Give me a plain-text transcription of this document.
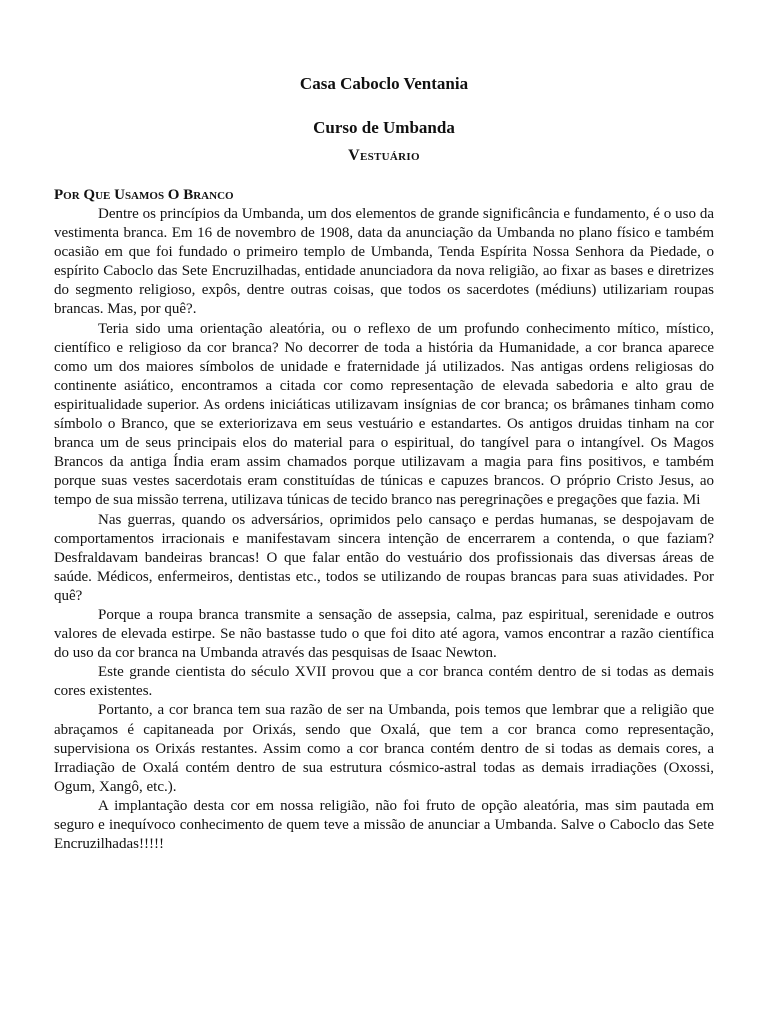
Casa Caboclo Ventania

Curso de Umbanda

Vestuário

Por Que Usamos O Branco

Dentre os princípios da Umbanda, um dos elementos de grande significância e fundamento, é o uso da vestimenta branca. Em 16 de novembro de 1908, data da anunciação da Umbanda no plano físico e também ocasião em que foi fundado o primeiro templo de Umbanda, Tenda Espírita Nossa Senhora da Piedade, o espírito Caboclo das Sete Encruzilhadas, entidade anunciadora da nova religião, ao fixar as bases e diretrizes do segmento religioso, expôs, dentre outras coisas, que todos os sacerdotes (médiuns) utilizariam roupas brancas. Mas, por quê?.

Teria sido uma orientação aleatória, ou o reflexo de um profundo conhecimento mítico, místico, científico e religioso da cor branca? No decorrer de toda a história da Humanidade, a cor branca aparece como um dos maiores símbolos de unidade e fraternidade já utilizados. Nas antigas ordens religiosas do continente asiático, encontramos a citada cor como representação de elevada sabedoria e alto grau de espiritualidade superior. As ordens iniciáticas utilizavam insígnias de cor branca; os brâmanes tinham como símbolo o Branco, que se exteriorizava em seus vestuário e estandartes. Os antigos druidas tinham na cor branca um de seus principais elos do material para o espiritual, do tangível para o intangível. Os Magos Brancos da antiga Índia eram assim chamados porque utilizavam a magia para fins positivos, e também porque suas vestes sacerdotais eram constituídas de túnicas e capuzes brancos. O próprio Cristo Jesus, ao tempo de sua missão terrena, utilizava túnicas de tecido branco nas peregrinações e pregações que fazia. Mi

Nas guerras, quando os adversários, oprimidos pelo cansaço e perdas humanas, se despojavam de comportamentos irracionais e manifestavam sincera intenção de encerrarem a contenda, o que faziam? Desfraldavam bandeiras brancas! O que falar então do vestuário dos profissionais das diversas áreas de saúde. Médicos, enfermeiros, dentistas etc., todos se utilizando de roupas brancas para suas atividades. Por quê?

Porque a roupa branca transmite a sensação de assepsia, calma, paz espiritual, serenidade e outros valores de elevada estirpe. Se não bastasse tudo o que foi dito até agora, vamos encontrar a razão científica do uso da cor branca na Umbanda através das pesquisas de Isaac Newton.

Este grande cientista do século XVII provou que a cor branca contém dentro de si todas as demais cores existentes.

Portanto, a cor branca tem sua razão de ser na Umbanda, pois temos que lembrar que a religião que abraçamos é capitaneada por Orixás, sendo que Oxalá, que tem a cor branca como representação, supervisiona os Orixás restantes. Assim como a cor branca contém dentro de si todas as demais cores, a Irradiação de Oxalá contém dentro de sua estrutura cósmico-astral todas as demais irradiações (Oxossi, Ogum, Xangô, etc.).

A implantação desta cor em nossa religião, não foi fruto de opção aleatória, mas sim pautada em seguro e inequívoco conhecimento de quem teve a missão de anunciar a Umbanda. Salve o Caboclo das Sete Encruzilhadas!!!!!
